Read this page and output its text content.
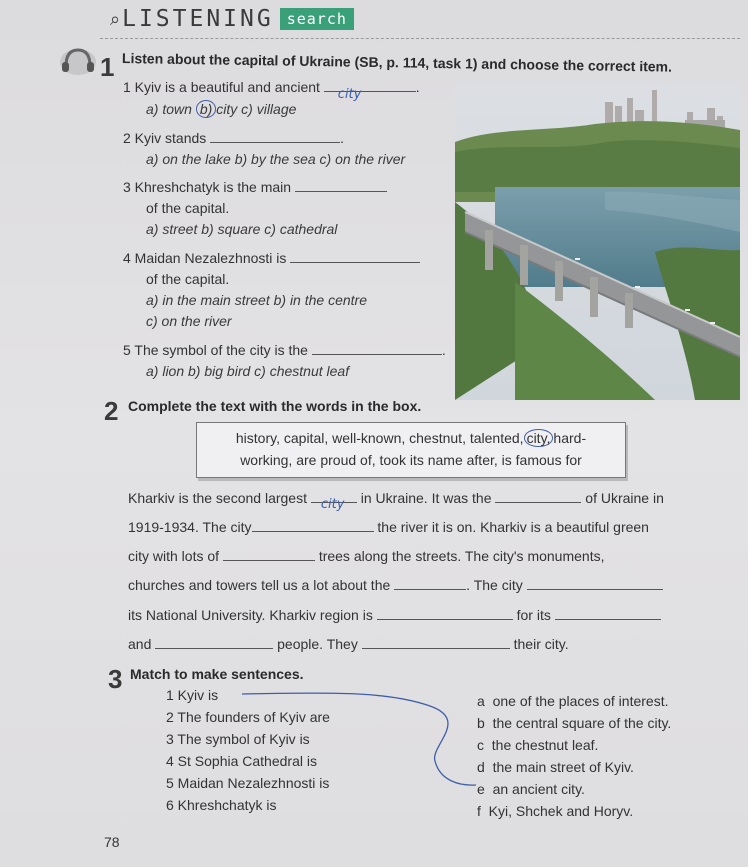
⌕ LISTENING search
1 Listen about the capital of Ukraine (SB, p. 114, task 1) and choose the correct item.
1 Kyiv is a beautiful and ancient city	.
a) town b) city c) village
2 Kyiv stands	.
a) on the lake b) by the sea c) on the river
3 Khreshchatyk is the main
of the capital.
a) street b) square c) cathedral
4 Maidan Nezalezhnosti is
of the capital.
a) in the main street b) in the centre
c) on the river
5 The symbol of the city is the	.
a) lion b) big bird c) chestnut leaf
2 Complete the text with the words in the box.
history, capital, well-known, chestnut, talented, city, hard-
working, are proud of, took its name after, is famous for
Kharkiv is the second largest city in Ukraine. It was the	of Ukraine in
1919-1934. The city	the river it is on. Kharkiv is a beautiful green
city with lots of	trees along the streets. The city's monuments,
churches and towers tell us a lot about the	. The city
its National University. Kharkiv region is	for its
and	people. They	their city.
3 Match to make sentences.
1 Kyiv is
2 The founders of Kyiv are
3 The symbol of Kyiv is
4 St Sophia Cathedral is
5 Maidan Nezalezhnosti is
6 Khreshchatyk is
a one of the places of interest.
b the central square of the city.
c the chestnut leaf.
d the main street of Kyiv.
e an ancient city.
f Kyi, Shchek and Horyv.
78
